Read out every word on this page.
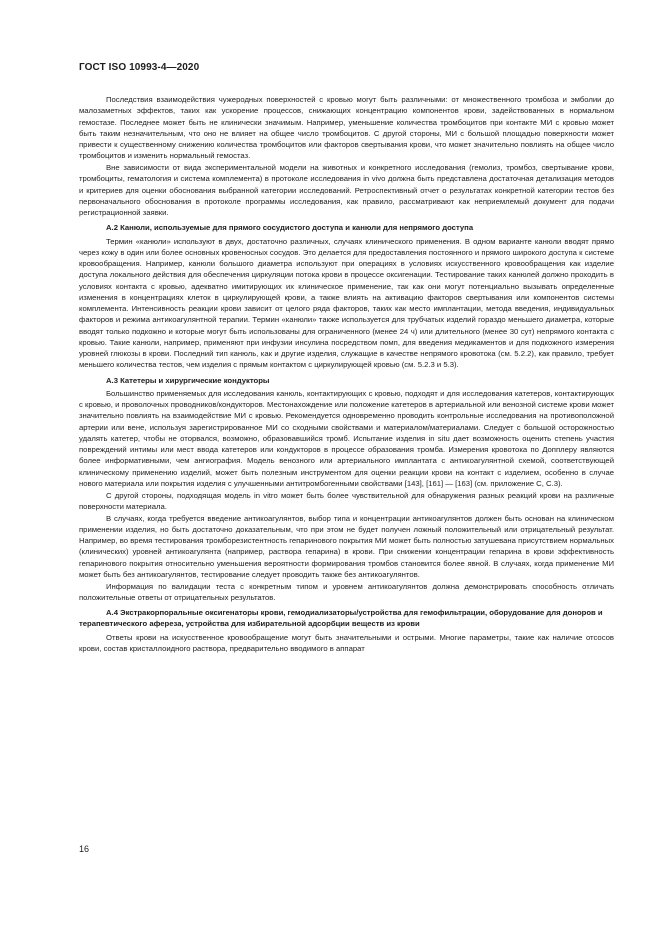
ГОСТ ISO 10993-4—2020

Последствия взаимодействия чужеродных поверхностей с кровью могут быть различными: от множественного тромбоза и эмболии до малозаметных эффектов, таких как ускорение процессов, снижающих концентрацию компонентов крови, задействованных в нормальном гемостазе. Последнее может быть не клинически значимым. Например, уменьшение количества тромбоцитов при контакте МИ с кровью может быть таким незначительным, что оно не влияет на общее число тромбоцитов. С другой стороны, МИ с большой площадью поверхности может привести к существенному снижению количества тромбоцитов или факторов свертывания крови, что может значительно повлиять на общее число тромбоцитов и изменить нормальный гемостаз.

Вне зависимости от вида экспериментальной модели на животных и конкретного исследования (гемолиз, тромбоз, свертывание крови, тромбоциты, гематология и система комплемента) в протоколе исследования in vivo должна быть представлена достаточная детализация методов и критериев для оценки обоснования выбранной категории исследований. Ретроспективный отчет о результатах конкретной категории тестов без первоначального обоснования в протоколе программы исследования, как правило, рассматривают как неприемлемый документ для подачи регистрационной заявки.

А.2 Канюли, используемые для прямого сосудистого доступа и канюли для непрямого доступа

Термин «канюли» используют в двух, достаточно различных, случаях клинического применения. В одном варианте канюли вводят прямо через кожу в один или более основных кровеносных сосудов. Это делается для предоставления постоянного и прямого широкого доступа к системе кровообращения. Например, канюли большого диаметра используют при операциях в условиях искусственного кровообращения как изделие доступа локального действия для обеспечения циркуляции потока крови в процессе оксигенации. Тестирование таких канюлей должно проходить в условиях контакта с кровью, адекватно имитирующих их клиническое применение, так как они могут потенциально вызывать определенные изменения в концентрациях клеток в циркулирующей крови, а также влиять на активацию факторов свертывания или компонентов системы комплемента. Интенсивность реакции крови зависит от целого ряда факторов, таких как место имплантации, метода введения, индивидуальных факторов и режима антикоагулянтной терапии. Термин «канюли» также используется для трубчатых изделий гораздо меньшего диаметра, которые вводят только подкожно и которые могут быть использованы для ограниченного (менее 24 ч) или длительного (менее 30 сут) непрямого контакта с кровью. Такие канюли, например, применяют при инфузии инсулина посредством помп, для введения медикаментов и для подкожного измерения уровней глюкозы в крови. Последний тип канюль, как и другие изделия, служащие в качестве непрямого кровотока (см. 5.2.2), как правило, требует меньшего количества тестов, чем изделия с прямым контактом с циркулирующей кровью (см. 5.2.3 и 5.3).

А.3 Катетеры и хирургические кондукторы

Большинство применяемых для исследования канюль, контактирующих с кровью, подходят и для исследования катетеров, контактирующих с кровью, и проволочных проводников/кондукторов. Местонахождение или положение катетеров в артериальной или венозной системе крови может значительно повлиять на взаимодействие МИ с кровью. Рекомендуется одновременно проводить контрольные исследования на противоположной артерии или вене, используя зарегистрированное МИ со сходными свойствами и материалом/материалами. Следует с большой осторожностью удалять катетер, чтобы не оторвался, возможно, образовавшийся тромб. Испытание изделия in situ дает возможность оценить степень участия повреждений интимы или мест ввода катетеров или кондукторов в процессе образования тромба. Измерения кровотока по Допплеру являются более информативными, чем ангиография. Модель венозного или артериального имплантата с антикоагулянтной схемой, соответствующей клиническому применению изделий, может быть полезным инструментом для оценки реакции крови на контакт с изделием, особенно в случае нового материала или покрытия изделия с улучшенными антитромбогенными свойствами [143], [161] — [163] (см. приложение С, С.3).

С другой стороны, подходящая модель in vitro может быть более чувствительной для обнаружения разных реакций крови на различные поверхности материала.

В случаях, когда требуется введение антикоагулянтов, выбор типа и концентрации антикоагулянтов должен быть основан на клиническом применении изделия, но быть достаточно доказательным, что при этом не будет получен ложный положительный или отрицательный результат. Например, во время тестирования тромборезистентность гепаринового покрытия МИ может быть полностью затушевана присутствием нормальных (клинических) уровней антикоагулянта (например, раствора гепарина) в крови. При снижении концентрации гепарина в крови эффективность гепаринового покрытия относительно уменьшения вероятности формирования тромбов становится более явной. В случаях, когда применение МИ может быть без антикоагулянтов, тестирование следует проводить также без антикоагулянтов.

Информация по валидации теста с конкретным типом и уровнем антикоагулянтов должна демонстрировать способность отличать положительные ответы от отрицательных результатов.

А.4 Экстракорпоральные оксигенаторы крови, гемодиализаторы/устройства для гемофильтрации, оборудование для доноров и терапевтического афереза, устройства для избирательной адсорбции веществ из крови

Ответы крови на искусственное кровообращение могут быть значительными и острыми. Многие параметры, такие как наличие отсосов крови, состав кристаллоидного раствора, предварительно вводимого в аппарат

16
